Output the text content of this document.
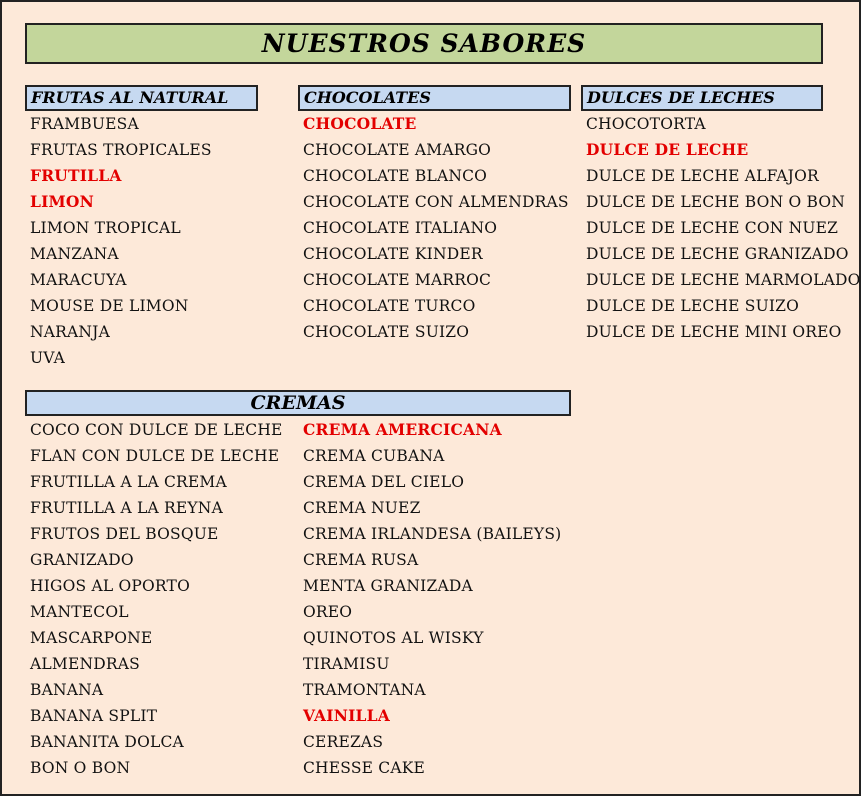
NUESTROS SABORES
FRUTAS AL NATURAL
FRAMBUESA
FRUTAS TROPICALES
FRUTILLA
LIMON
LIMON TROPICAL
MANZANA
MARACUYA
MOUSE DE LIMON
NARANJA
UVA
CHOCOLATES
CHOCOLATE
CHOCOLATE AMARGO
CHOCOLATE BLANCO
CHOCOLATE CON ALMENDRAS
CHOCOLATE ITALIANO
CHOCOLATE KINDER
CHOCOLATE MARROC
CHOCOLATE TURCO
CHOCOLATE SUIZO
DULCES DE LECHES
CHOCOTORTA
DULCE DE LECHE
DULCE DE LECHE ALFAJOR
DULCE DE LECHE BON O BON
DULCE DE LECHE CON NUEZ
DULCE DE LECHE GRANIZADO
DULCE DE LECHE MARMOLADO
DULCE DE LECHE SUIZO
DULCE DE LECHE MINI OREO
CREMAS
COCO CON DULCE DE LECHE
FLAN CON DULCE DE LECHE
FRUTILLA A LA CREMA
FRUTILLA A LA REYNA
FRUTOS DEL BOSQUE
GRANIZADO
HIGOS AL OPORTO
MANTECOL
MASCARPONE
ALMENDRAS
BANANA
BANANA SPLIT
BANANITA DOLCA
BON O BON
CREMA AMERCICANA
CREMA CUBANA
CREMA DEL CIELO
CREMA NUEZ
CREMA IRLANDESA (BAILEYS)
CREMA RUSA
MENTA GRANIZADA
OREO
QUINOTOS AL WISKY
TIRAMISU
TRAMONTANA
VAINILLA
CEREZAS
CHESSE CAKE
